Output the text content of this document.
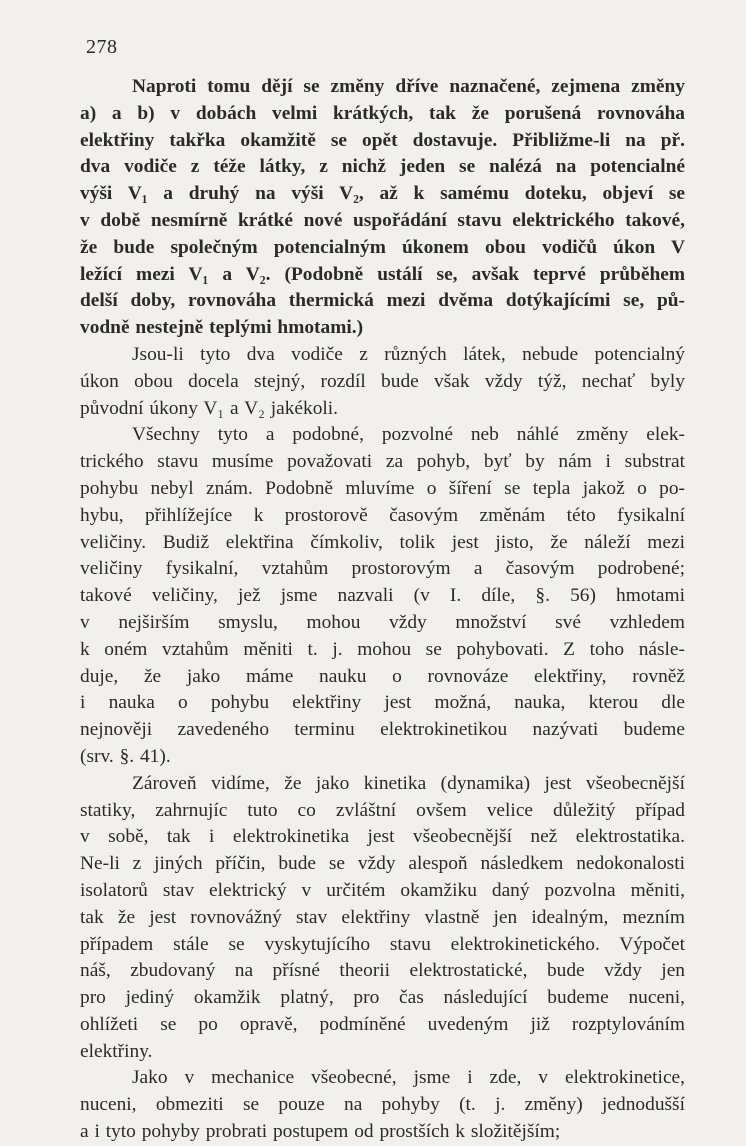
278
Naproti tomu dějí se změny dříve naznačené, zejmena změny
a) a b) v dobách velmi krátkých, tak že porušená rovnováha
elektřiny takřka okamžitě se opět dostavuje. Přibližme-li na př.
dva vodiče z téže látky, z nichž jeden se nalézá na potencialné
výši V₁ a druhý na výši V₂, až k samému doteku, objeví se
v době nesmírně krátké nové uspořádání stavu elektrického takové,
že bude společným potencialným úkonem obou vodičů úkon V
ležící mezi V₁ a V₂. (Podobně ustálí se, avšak teprvé průběhem
delší doby, rovnováha thermická mezi dvěma dotýkajícími se, pů-
vodně nestejně teplými hmotami.)
Jsou-li tyto dva vodiče z různých látek, nebude potencialný
úkon obou docela stejný, rozdíl bude však vždy týž, nechať byly
původní úkony V₁ a V₂ jakékoli.
Všechny tyto a podobné, pozvolné neb náhlé změny elek-
trického stavu musíme považovati za pohyb, byť by nám i substrat
pohybu nebyl znám. Podobně mluvíme o šíření se tepla jakož o po-
hybu, přihlížejíce k prostorově časovým změnám této fysikalní
veličiny. Budiž elektřina čímkoliv, tolik jest jisto, že náleží mezi
veličiny fysikalní, vztahům prostorovým a časovým podrobené;
takové veličiny, jež jsme nazvali (v I. díle, §. 56) hmotami
v nejširším smyslu, mohou vždy množství své vzhledem
k oném vztahům měniti t. j. mohou se pohybovati. Z toho násle-
duje, že jako máme nauku o rovnováze elektřiny, rovněž
i nauka o pohybu elektřiny jest možná, nauka, kterou dle
nejnověji zavedeného terminu elektrokinetikou nazývati budeme
(srv. §. 41).
Zároveň vidíme, že jako kinetika (dynamika) jest všeobecnější
statiky, zahrnujíc tuto co zvláštní ovšem velice důležitý případ
v sobě, tak i elektrokinetika jest všeobecnější než elektrostatika.
Ne-li z jiných příčin, bude se vždy alespoň následkem nedokonalosti
isolatorů stav elektrický v určitém okamžiku daný pozvolna měniti,
tak že jest rovnovážný stav elektřiny vlastně jen idealným, mezním
případem stále se vyskytujícího stavu elektrokinetického. Výpočet
náš, zbudovaný na přísné theorii elektrostatické, bude vždy jen
pro jediný okamžik platný, pro čas následující budeme nuceni,
ohlížeti se po opravě, podmíněné uvedeným již rozptylováním
elektřiny.
Jako v mechanice všeobecné, jsme i zde, v elektrokinetice,
nuceni, obmeziti se pouze na pohyby (t. j. změny) jednodušší
a i tyto pohyby probrati postupem od prostších k složitějším;
